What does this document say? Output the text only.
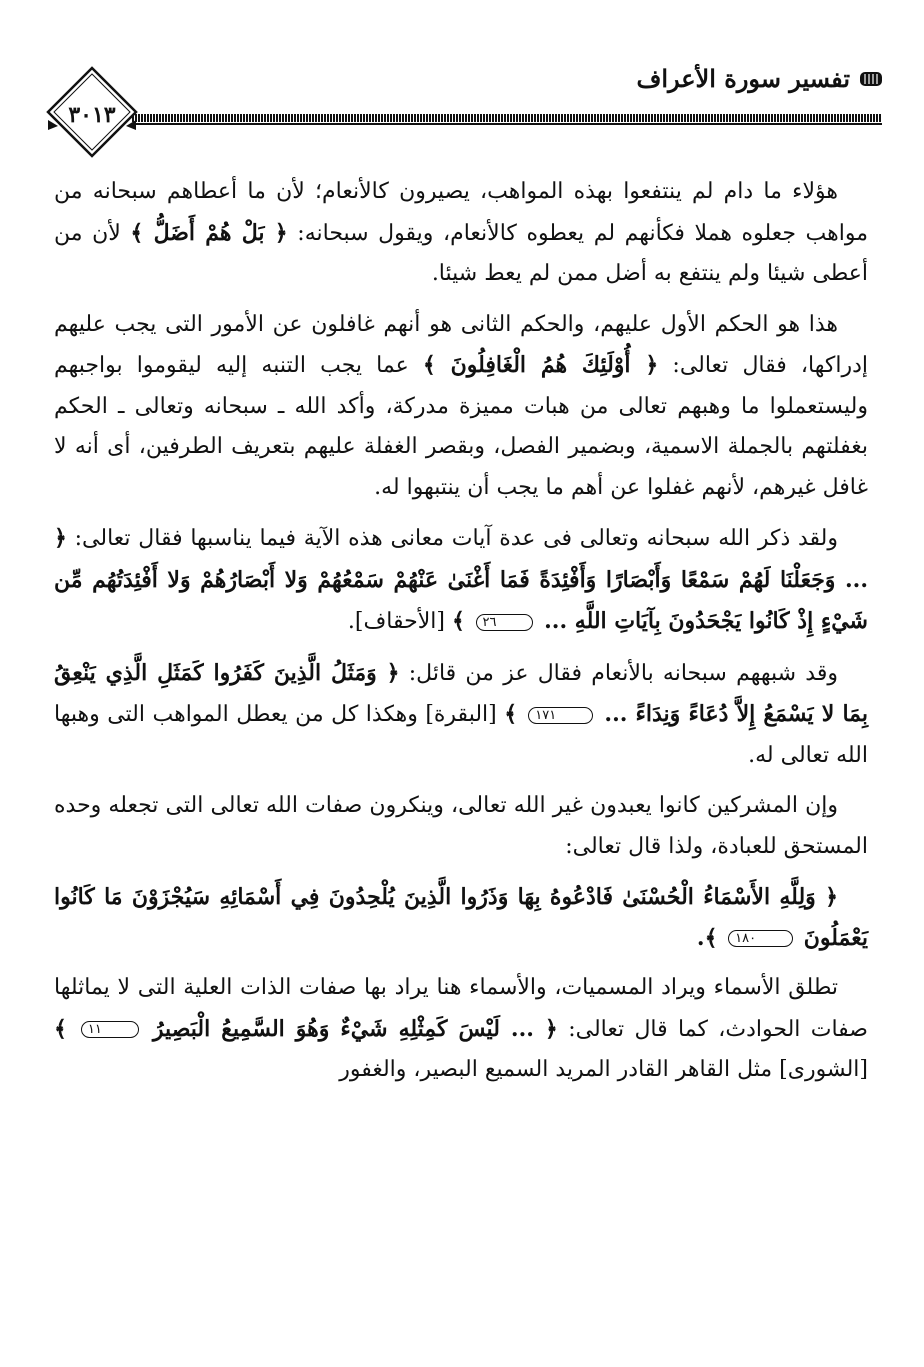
تفسير سورة الأعراف
٣٠١٣

هؤلاء ما دام لم ينتفعوا بهذه المواهب، يصيرون كالأنعام؛ لأن ما أعطاهم سبحانه من مواهب جعلوه هملا فكأنهم لم يعطوه كالأنعام، ويقول سبحانه: ﴿ بَلْ هُمْ أَضَلُّ ﴾ لأن من أعطى شيئا ولم ينتفع به أضل ممن لم يعط شيئا.

هذا هو الحكم الأول عليهم، والحكم الثانى هو أنهم غافلون عن الأمور التى يجب عليهم إدراكها، فقال تعالى: ﴿ أُوْلَئِكَ هُمُ الْغَافِلُونَ ﴾ عما يجب التنبه إليه ليقوموا بواجبهم وليستعملوا ما وهبهم تعالى من هبات مميزة مدركة، وأكد الله ـ سبحانه وتعالى ـ الحكم بغفلتهم بالجملة الاسمية، وبضمير الفصل، وبقصر الغفلة عليهم بتعريف الطرفين، أى أنه لا غافل غيرهم، لأنهم غفلوا عن أهم ما يجب أن ينتبهوا له.

ولقد ذكر الله سبحانه وتعالى فى عدة آيات معانى هذه الآية فيما يناسبها فقال تعالى: ﴿ ... وَجَعَلْنَا لَهُمْ سَمْعًا وَأَبْصَارًا وَأَفْئِدَةً فَمَا أَغْنَىٰ عَنْهُمْ سَمْعُهُمْ وَلا أَبْصَارُهُمْ وَلا أَفْئِدَتُهُم مِّن شَيْءٍ إِذْ كَانُوا يَجْحَدُونَ بِآيَاتِ اللَّهِ ... ٢٦ ﴾ [الأحقاف].

وقد شبههم سبحانه بالأنعام فقال عز من قائل: ﴿ وَمَثَلُ الَّذِينَ كَفَرُوا كَمَثَلِ الَّذِي يَنْعِقُ بِمَا لا يَسْمَعُ إِلاَّ دُعَاءً وَنِدَاءً ... ١٧١ ﴾ [البقرة] وهكذا كل من يعطل المواهب التى وهبها الله تعالى له.

وإن المشركين كانوا يعبدون غير الله تعالى، وينكرون صفات الله تعالى التى تجعله وحده المستحق للعبادة، ولذا قال تعالى:

﴿ وَلِلَّهِ الأَسْمَاءُ الْحُسْنَىٰ فَادْعُوهُ بِهَا وَذَرُوا الَّذِينَ يُلْحِدُونَ فِي أَسْمَائِهِ سَيُجْزَوْنَ مَا كَانُوا يَعْمَلُونَ ١٨٠ ﴾.

تطلق الأسماء ويراد المسميات، والأسماء هنا يراد بها صفات الذات العلية التى لا يماثلها صفات الحوادث، كما قال تعالى: ﴿ ... لَيْسَ كَمِثْلِهِ شَيْءٌ وَهُوَ السَّمِيعُ الْبَصِيرُ ١١ ﴾ [الشورى] مثل القاهر القادر المريد السميع البصير، والغفور
